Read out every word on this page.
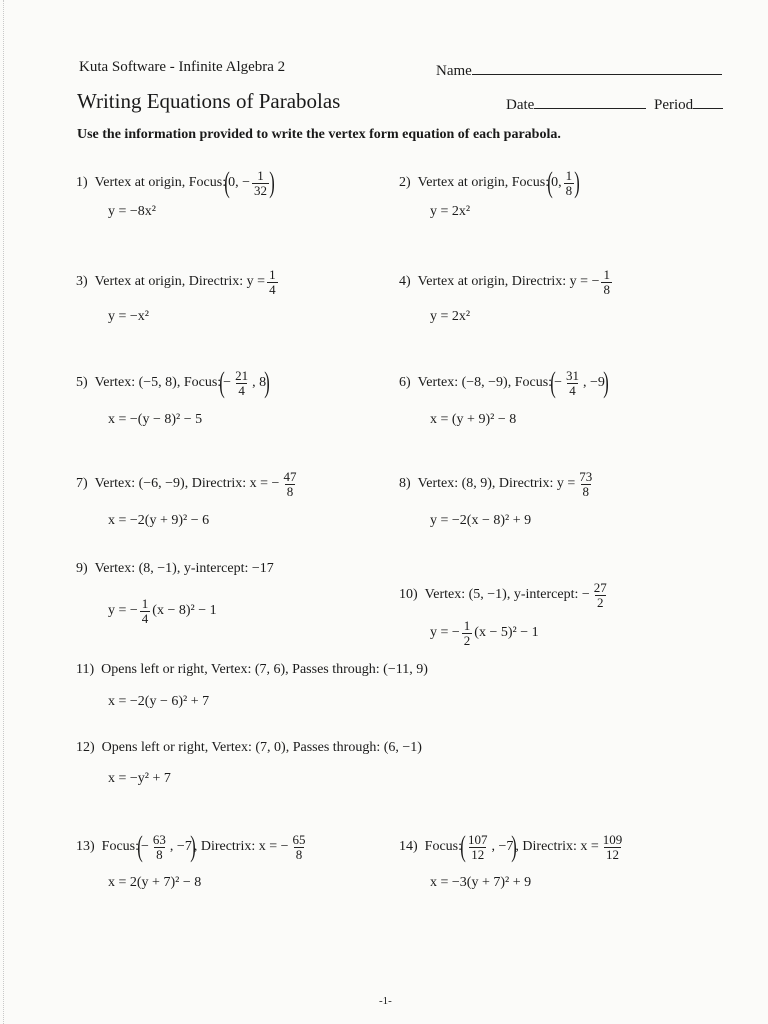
Kuta Software - Infinite Algebra 2
Writing Equations of Parabolas
Name
Date	Period
Use the information provided to write the vertex form equation of each parabola.
1) Vertex at origin, Focus:
(
0, − $\frac{1}{32}$ )
y = −8x²
2) Vertex at origin, Focus:
(
0, $\frac{1}{8}$ )
y = 2x²
3) Vertex at origin, Directrix: $y = \frac{1}{4}$
y = −x²
4) Vertex at origin, Directrix: y = − $\frac{1}{8}$
y = 2x²
5) Vertex: (−5, 8), Focus:
(
− $\frac{21}{4}$ , 8
)
x = −(y − 8)² − 5
6) Vertex: (−8, −9), Focus:
(
− $\frac{31}{4}$ , −9
)
x = (y + 9)² − 8
7) Vertex: (−6, −9), Directrix: x = − $\frac{47}{8}$
x = −2(y + 9)² − 6
8) Vertex: (8, 9), Directrix: $y = \frac{73}{8}$
y = −2(x − 8)² + 9
9) Vertex: (8, −1), y-intercept: −17
y = − $\frac{1}{4} (x - 8)^2 - 1$
10) Vertex: (5, −1), y-intercept: − $\frac{27}{2}$
y = − $\frac{1}{2} (x - 5)^2 - 1$
11) Opens left or right, Vertex: (7, 6), Passes through: (−11, 9)
x = −2(y − 6)² + 7
12) Opens left or right, Vertex: (7, 0), Passes through: (6, −1)
x = −y² + 7
13) Focus:
(
− $\frac{63}{8}$ , −7
)
, Directrix: x = − $\frac{65}{8}$
x = 2(y + 7)² − 8
14) Focus:
( $\frac{107}{12}$ , −7
)
, Directrix: $x = \frac{109}{12}$
x = −3(y + 7)² + 9
-1-
